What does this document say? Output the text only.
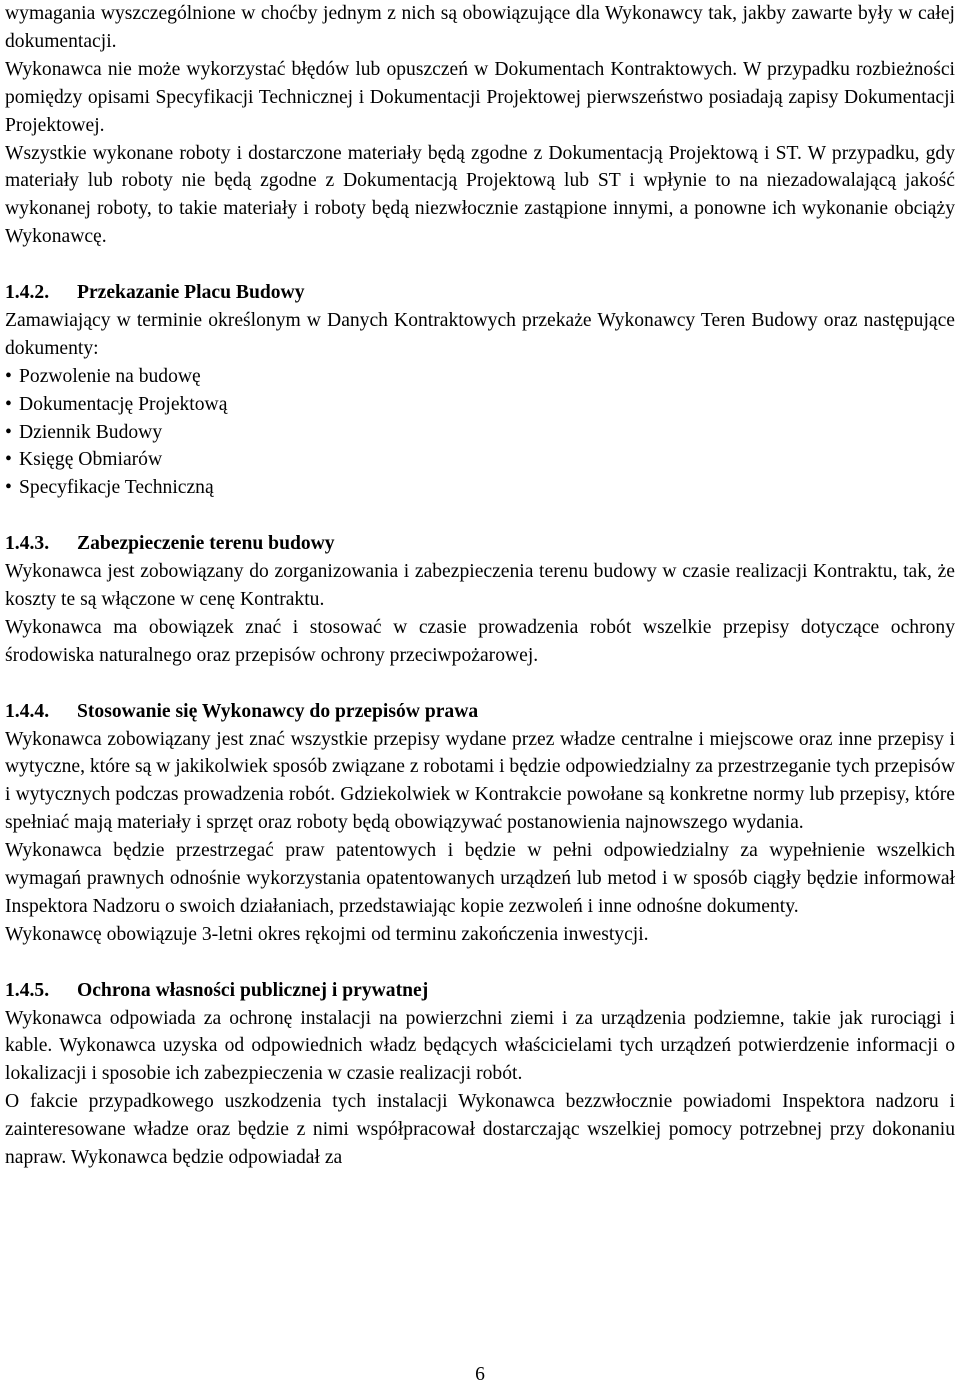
wymagania wyszczególnione w choćby jednym z nich są obowiązujące dla Wykonawcy tak, jakby zawarte były w całej dokumentacji.

Wykonawca nie może wykorzystać błędów lub opuszczeń w Dokumentach Kontraktowych. W przypadku rozbieżności pomiędzy opisami Specyfikacji Technicznej i Dokumentacji Projektowej pierwszeństwo posiadają zapisy Dokumentacji Projektowej.

Wszystkie wykonane roboty i dostarczone materiały będą zgodne z Dokumentacją Projektową i ST. W przypadku, gdy materiały lub roboty nie będą zgodne z Dokumentacją Projektową lub ST i wpłynie to na niezadowalającą jakość wykonanej roboty, to takie materiały i roboty będą niezwłocznie zastąpione innymi, a ponowne ich wykonanie obciąży Wykonawcę.

1.4.2.	Przekazanie Placu Budowy

Zamawiający w terminie określonym w Danych Kontraktowych przekaże Wykonawcy Teren Budowy oraz następujące dokumenty:

• Pozwolenie na budowę
• Dokumentację Projektową
• Dziennik Budowy
• Księgę Obmiarów
• Specyfikacje Techniczną
1.4.3.	Zabezpieczenie terenu budowy

Wykonawca jest zobowiązany do zorganizowania i zabezpieczenia terenu budowy w czasie realizacji Kontraktu, tak, że koszty te są włączone w cenę Kontraktu.

Wykonawca ma obowiązek znać i stosować w czasie prowadzenia robót wszelkie przepisy dotyczące ochrony środowiska naturalnego oraz przepisów ochrony przeciwpożarowej.

1.4.4.	Stosowanie się Wykonawcy do przepisów prawa

Wykonawca zobowiązany jest znać wszystkie przepisy wydane przez władze centralne i miejscowe oraz inne przepisy i wytyczne, które są w jakikolwiek sposób związane z robotami i będzie odpowiedzialny za przestrzeganie tych przepisów i wytycznych podczas prowadzenia robót. Gdziekolwiek w Kontrakcie powołane są konkretne normy lub przepisy, które spełniać mają materiały i sprzęt oraz roboty będą obowiązywać postanowienia najnowszego wydania.

Wykonawca będzie przestrzegać praw patentowych i będzie w pełni odpowiedzialny za wypełnienie wszelkich wymagań prawnych odnośnie wykorzystania opatentowanych urządzeń lub metod i w sposób ciągły będzie informował Inspektora Nadzoru o swoich działaniach, przedstawiając kopie zezwoleń i inne odnośne dokumenty.

Wykonawcę obowiązuje 3-letni okres rękojmi od terminu zakończenia inwestycji.

1.4.5.	Ochrona własności publicznej i prywatnej

Wykonawca odpowiada za ochronę instalacji na powierzchni ziemi i za urządzenia podziemne, takie jak rurociągi i kable. Wykonawca uzyska od odpowiednich władz będących właścicielami tych urządzeń potwierdzenie informacji o lokalizacji i sposobie ich zabezpieczenia w czasie realizacji robót.

O fakcie przypadkowego uszkodzenia tych instalacji Wykonawca bezzwłocznie powiadomi Inspektora nadzoru i zainteresowane władze oraz będzie z nimi współpracował dostarczając wszelkiej pomocy potrzebnej przy dokonaniu napraw. Wykonawca będzie odpowiadał za

6
